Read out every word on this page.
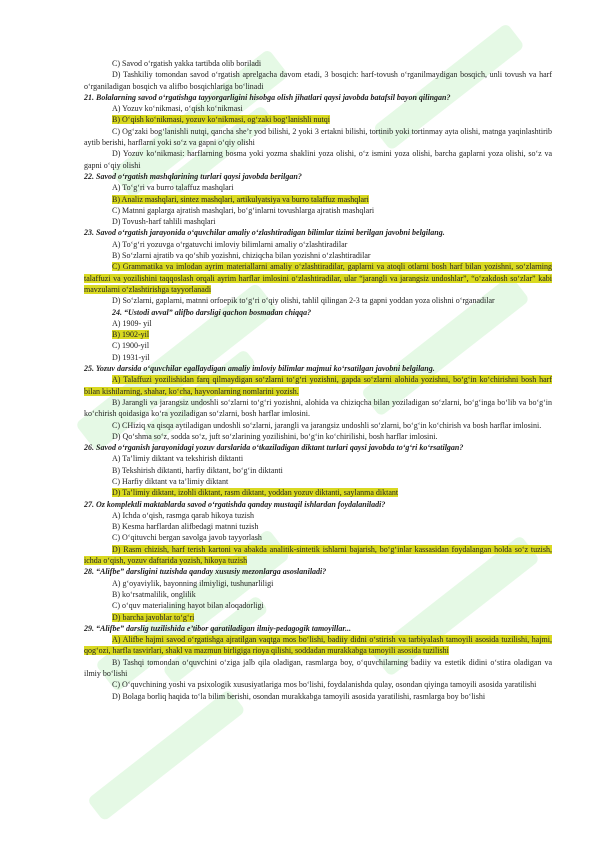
C) Savod o‘rgatish yakka tartibda olib boriladi

D) Tashkiliy tomondan savod o‘rgatish aprelgacha davom etadi, 3 bosqich: harf-tovush o‘rganilmaydigan bosqich, unli tovush va harf o‘rganiladigan bosqich va alifbo bosqichlariga bo‘linadi

21. Bolalarning savod o‘rgatishga tayyorgarligini hisobga olish jihatlari qaysi javobda batafsil bayon qilingan?

A) Yozuv ko‘nikmasi, o‘qish ko‘nikmasi

B) O‘qish ko‘nikmasi, yozuv ko‘nikmasi, og‘zaki bog‘lanishli nutqi

C) Og‘zaki bog‘lanishli nutqi, qancha she’r yod bilishi, 2 yoki 3 ertakni bilishi, tortinib yoki tortinmay ayta olishi, matnga yaqinlashtirib aytib berishi, harflarni yoki so‘z va gapni o‘qiy olishi

D) Yozuv ko‘nikmasi: harflarning bosma yoki yozma shaklini yoza olishi, o‘z ismini yoza olishi, barcha gaplarni yoza olishi, so‘z va gapni o‘qiy olishi

22. Savod o‘rgatish mashqlarining turlari qaysi javobda berilgan?

A) To‘g‘ri va burro talaffuz mashqlari

B) Analiz mashqlari, sintez mashqlari, artikulyatsiya va burro talaffuz mashqlari

C) Matnni gaplarga ajratish mashqlari, bo‘g‘inlarni tovushlarga ajratish mashqlari

D) Tovush-harf tahlili mashqlari

23. Savod o‘rgatish jarayonida o‘quvchilar amaliy o‘zlashtiradigan bilimlar tizimi berilgan javobni belgilang.

A) To‘g‘ri yozuvga o‘rgatuvchi imloviy bilimlarni amaliy o‘zlashtiradilar

B) So‘zlarni ajratib va qo‘shib yozishni, chiziqcha bilan yozishni o‘zlashtiradilar

C) Grammatika va imlodan ayrim materiallarni amaliy o‘zlashtiradilar, gaplarni va atoqli otlarni bosh harf bilan yozishni, so‘zlarning talaffuzi va yozilishini taqqoslash orqali ayrim harflar imlosini o‘zlashtiradilar, ular “jarangli va jarangsiz undoshlar”, “o‘zakdosh so‘zlar” kabi mavzularni o‘zlashtirishga tayyorlanadi

D) So‘zlarni, gaplarni, matnni orfoepik to‘g‘ri o‘qiy olishi, tahlil qilingan 2-3 ta gapni yoddan yoza olishni o‘rganadilar

24. “Ustodi avval” alifbo darsligi qachon bosmadan chiqqa?

A) 1909- yil

B) 1902-yil

C) 1900-yil

D) 1931-yil

25. Yozuv darsida o‘quvchilar egallaydigan amaliy imloviy bilimlar majmui ko‘rsatilgan javobni belgilang.

A) Talaffuzi yozilishidan farq qilmaydigan so‘zlarni to‘g‘ri yozishni, gapda so‘zlarni alohida yozishni, bo‘g‘in ko‘chirishni bosh harf bilan kishilarning, shahar, ko‘cha, hayvonlarning nomlarini yozish.

B) Jarangli va jarangsiz undoshli so‘zlarni to‘g‘ri yozishni, alohida va chiziqcha bilan yoziladigan so‘zlarni, bo‘g‘inga bo‘lib va bo‘g‘in ko‘chirish qoidasiga ko‘ra yoziladigan so‘zlarni, bosh harflar imlosini.

C) CHiziq va qisqa aytiladigan undoshli so‘zlarni, jarangli va jarangsiz undoshli so‘zlarni, bo‘g‘in ko‘chirish va bosh harflar imlosini.

D) Qo‘shma so‘z, sodda so‘z, juft so‘zlarining yozilishini, bo‘g‘in ko‘chirilishi, bosh harflar imlosini.

26. Savod o‘rganish jarayonidagi yozuv darslarida o‘tkaziladigan diktant turlari qaysi javobda to‘g‘ri ko‘rsatilgan?

A) Ta’limiy diktant va tekshirish diktanti

B) Tekshirish diktanti, harfiy diktant, bo‘g‘in diktanti

C) Harfiy diktant va ta’limiy diktant

D) Ta’limiy diktant, izohli diktant, rasm diktant, yoddan yozuv diktanti, saylanma diktant

27. Oz komplektli maktablarda savod o‘rgatishda qanday mustaqil ishlardan foydalaniladi?

A) Ichda o‘qish, rasmga qarab hikoya tuzish

B) Kesma harflardan alifbedagi matnni tuzish

C) O‘qituvchi bergan savolga javob tayyorlash

D) Rasm chizish, harf terish kartoni va abakda analitik-sintetik ishlarni bajarish, bo‘g‘inlar kassasidan foydalangan holda so‘z tuzish, ichda o‘qish, yozuv daftarida yozish, hikoya tuzish

28. “Alifbe” darsligini tuzishda qanday xususiy mezonlarga asoslaniladi?

A) g‘oyaviylik, bayonning ilmiyligi, tushunarliligi

B) ko‘rsatmalilik, onglilik

C) o‘quv materialining hayot bilan aloqadorligi

D) barcha javoblar to‘g‘ri

29. “Alifbe” darslig tuzilishida e’tibor qaratiladigan ilmiy-pedagogik tamoyillar...

A) Alifbe hajmi savod o‘rgatishga ajratilgan vaqtga mos bo‘lishi, badiiy didni o‘stirish va tarbiyalash tamoyili asosida tuzilishi, hajmi, qog‘ozi, harfla tasvirlari, shakl va mazmun birligiga rioya qilishi, soddadan murakkabga tamoyili asosida tuzilishi

B) Tashqi tomondan o‘quvchini o‘ziga jalb qila oladigan, rasmlarga boy, o‘quvchilarning badiiy va estetik didini o‘stira oladigan va ilmiy bo‘lishi

C) O‘quvchining yoshi va psixologik xususiyatlariga mos bo‘lishi, foydalanishda qulay, osondan qiyinga tamoyili asosida yaratilishi

D) Bolaga borliq haqida to‘la bilim berishi, osondan murakkabga tamoyili asosida yaratilishi, rasmlarga boy bo‘lishi
